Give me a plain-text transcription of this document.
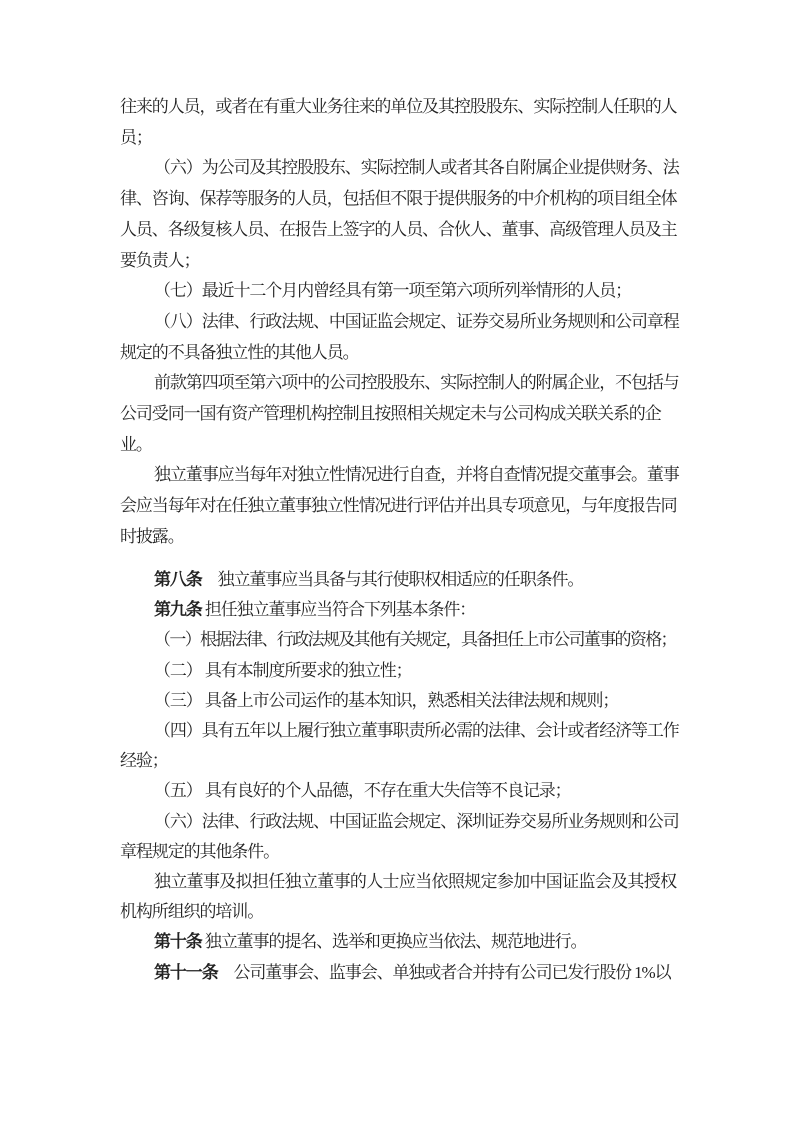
往来的人员，或者在有重大业务往来的单位及其控股股东、实际控制人任职的人
员；
（六）为公司及其控股股东、实际控制人或者其各自附属企业提供财务、法
律、咨询、保荐等服务的人员，包括但不限于提供服务的中介机构的项目组全体
人员、各级复核人员、在报告上签字的人员、合伙人、董事、高级管理人员及主
要负责人；
（七）最近十二个月内曾经具有第一项至第六项所列举情形的人员；
（八）法律、行政法规、中国证监会规定、证券交易所业务规则和公司章程
规定的不具备独立性的其他人员。
前款第四项至第六项中的公司控股股东、实际控制人的附属企业，不包括与
公司受同一国有资产管理机构控制且按照相关规定未与公司构成关联关系的企
业。
独立董事应当每年对独立性情况进行自查，并将自查情况提交董事会。董事
会应当每年对在任独立董事独立性情况进行评估并出具专项意见，与年度报告同
时披露。
第八条　独立董事应当具备与其行使职权相适应的任职条件。
第九条 担任独立董事应当符合下列基本条件：
（一）根据法律、行政法规及其他有关规定，具备担任上市公司董事的资格；
（二） 具有本制度所要求的独立性；
（三） 具备上市公司运作的基本知识，熟悉相关法律法规和规则；
（四）具有五年以上履行独立董事职责所必需的法律、会计或者经济等工作
经验；
（五） 具有良好的个人品德，不存在重大失信等不良记录；
（六）法律、行政法规、中国证监会规定、深圳证券交易所业务规则和公司
章程规定的其他条件。
独立董事及拟担任独立董事的人士应当依照规定参加中国证监会及其授权
机构所组织的培训。
第十条 独立董事的提名、选举和更换应当依法、规范地进行。
第十一条　公司董事会、监事会、单独或者合并持有公司已发行股份 1%以
